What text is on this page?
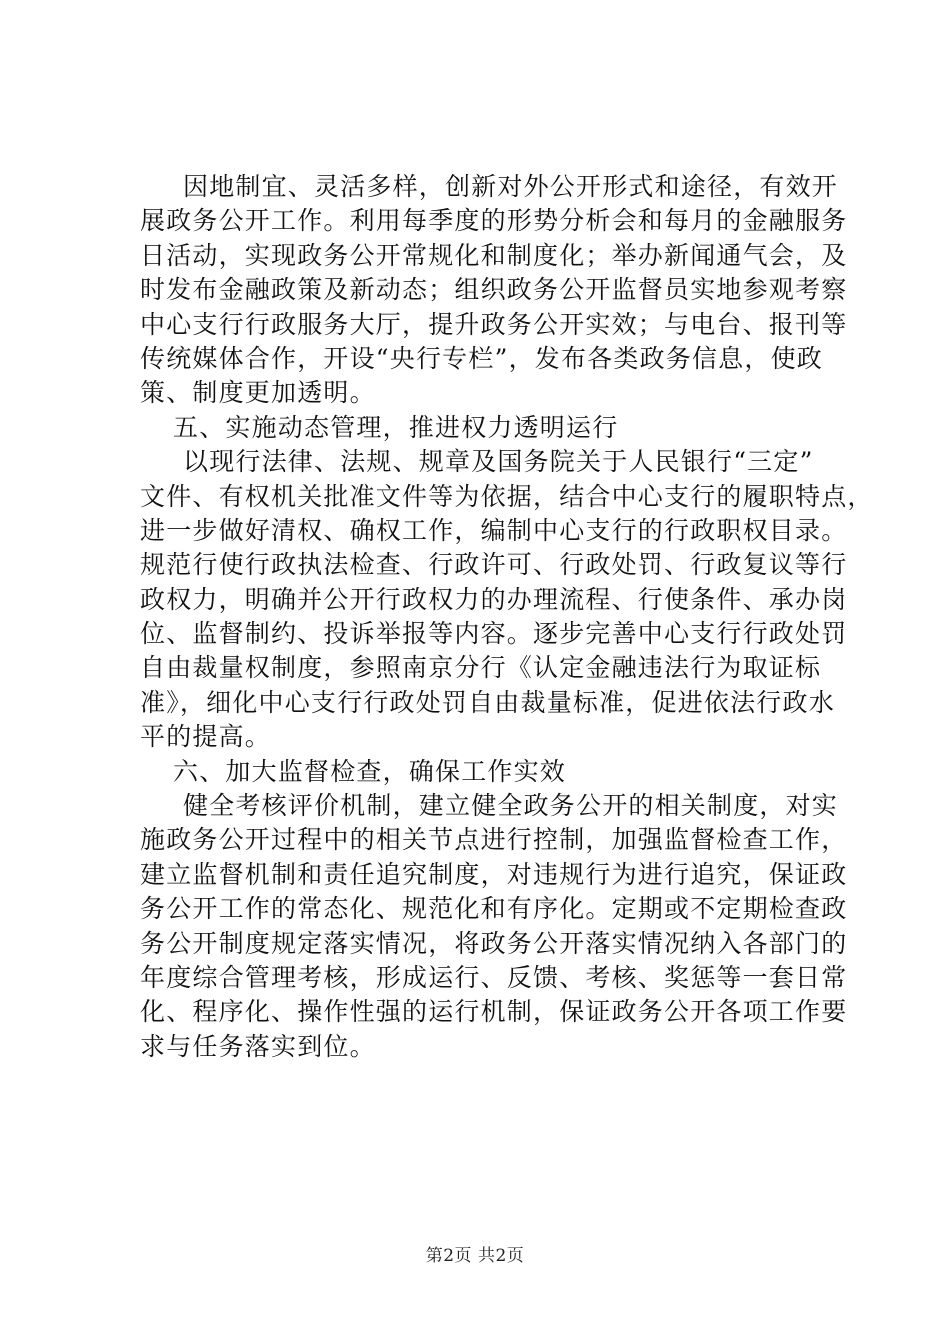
因地制宜、灵活多样，创新对外公开形式和途径，有效开
展政务公开工作。利用每季度的形势分析会和每月的金融服务
日活动，实现政务公开常规化和制度化；举办新闻通气会，及
时发布金融政策及新动态；组织政务公开监督员实地参观考察
中心支行行政服务大厅，提升政务公开实效；与电台、报刊等
传统媒体合作，开设“央行专栏”，发布各类政务信息，使政
策、制度更加透明。
五、实施动态管理，推进权力透明运行
以现行法律、法规、规章及国务院关于人民银行“三定”
文件、有权机关批准文件等为依据，结合中心支行的履职特点，
进一步做好清权、确权工作，编制中心支行的行政职权目录。
规范行使行政执法检查、行政许可、行政处罚、行政复议等行
政权力，明确并公开行政权力的办理流程、行使条件、承办岗
位、监督制约、投诉举报等内容。逐步完善中心支行行政处罚
自由裁量权制度，参照南京分行《认定金融违法行为取证标
准》，细化中心支行行政处罚自由裁量标准，促进依法行政水
平的提高。
六、加大监督检查，确保工作实效
健全考核评价机制，建立健全政务公开的相关制度，对实
施政务公开过程中的相关节点进行控制，加强监督检查工作，
建立监督机制和责任追究制度，对违规行为进行追究，保证政
务公开工作的常态化、规范化和有序化。定期或不定期检查政
务公开制度规定落实情况，将政务公开落实情况纳入各部门的
年度综合管理考核，形成运行、反馈、考核、奖惩等一套日常
化、程序化、操作性强的运行机制，保证政务公开各项工作要
求与任务落实到位。
第2页 共2页
